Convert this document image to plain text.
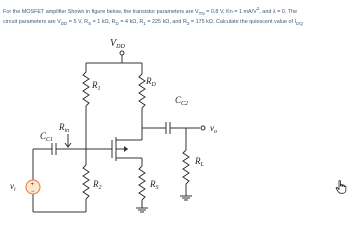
For the MOSFET amplifier Shown in figure below, the transistor parameters are $V_{TN} = 0.8$ V, Kn = 1 $mA/V^2$, and λ = 0. The
circuit parameters are $V_{DD} = 5$ V, $R_S = 1$ kΩ, $R_D = 4$ kΩ, $R_1 = 225$ kΩ, and $R_2 = 175$ kΩ. Calculate the quiescent value of $I_{DQ}$
+
−
$V_{DD}$
$R_{in}$
$C_{C1}$
$R_1$
$R_D$
$C_{C2}$
$v_o$
$R_2$	$R_S$
$R_L$
$v_i$
